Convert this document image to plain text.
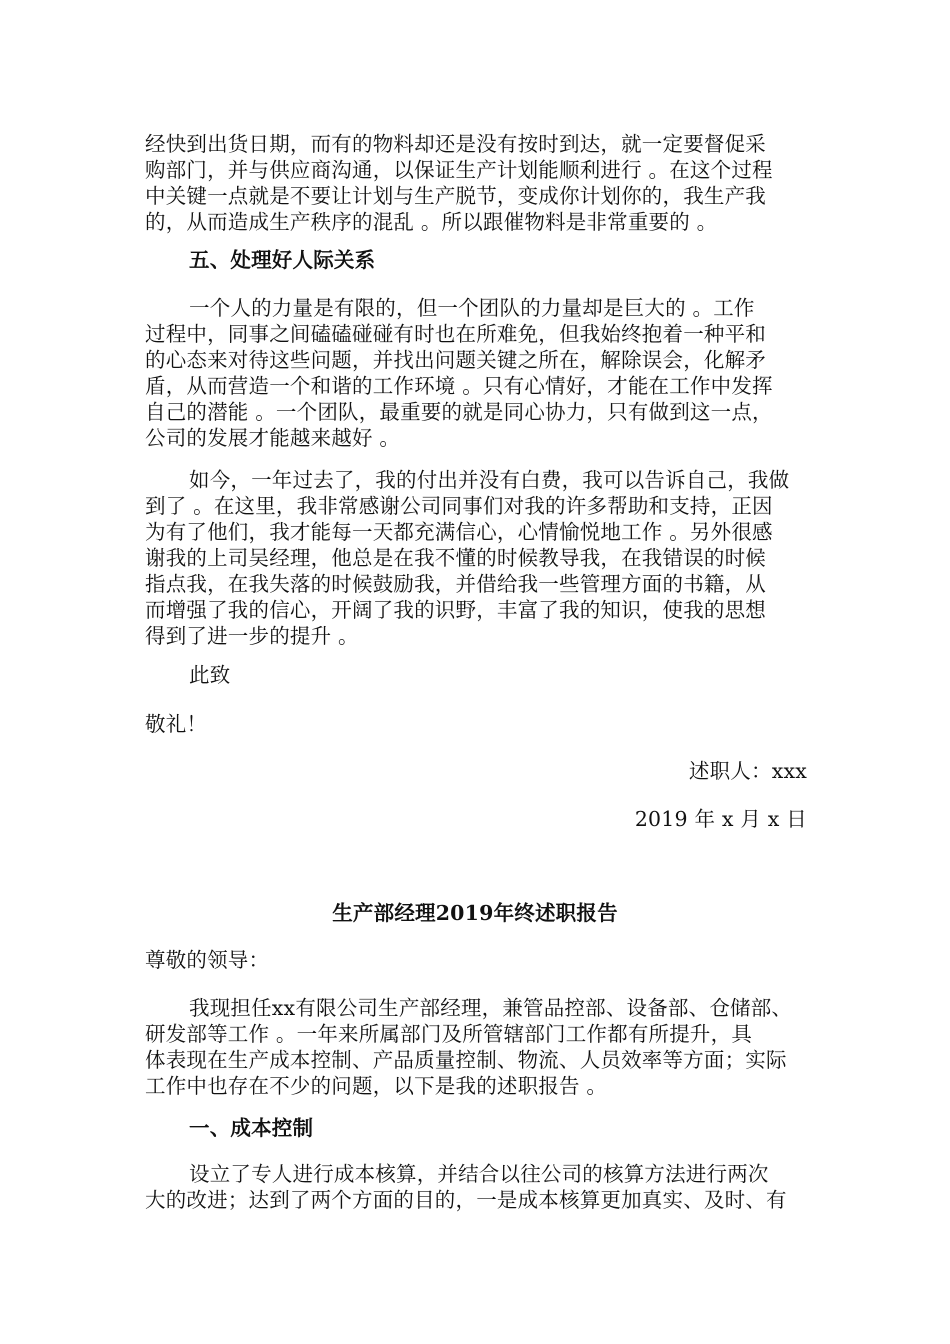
经快到出货日期，而有的物料却还是没有按时到达，就一定要督促采
购部门，并与供应商沟通，以保证生产计划能顺利进行 。在这个过程
中关键一点就是不要让计划与生产脱节，变成你计划你的，我生产我
的，从而造成生产秩序的混乱 。所以跟催物料是非常重要的 。
五、处理好人际关系
一个人的力量是有限的，但一个团队的力量却是巨大的 。工作
过程中，同事之间磕磕碰碰有时也在所难免，但我始终抱着一种平和
的心态来对待这些问题，并找出问题关键之所在，解除误会，化解矛
盾，从而营造一个和谐的工作环境 。只有心情好，才能在工作中发挥
自己的潜能 。一个团队，最重要的就是同心协力，只有做到这一点，
公司的发展才能越来越好 。
如今，一年过去了，我的付出并没有白费，我可以告诉自己，我做
到了 。在这里，我非常感谢公司同事们对我的许多帮助和支持，正因
为有了他们，我才能每一天都充满信心，心情愉悦地工作 。另外很感
谢我的上司吴经理，他总是在我不懂的时候教导我，在我错误的时候
指点我，在我失落的时候鼓励我，并借给我一些管理方面的书籍，从
而增强了我的信心，开阔了我的识野，丰富了我的知识，使我的思想
得到了进一步的提升 。
此致
敬礼！
述职人：xxx
2019 年 x 月 x 日
生产部经理2019年终述职报告
尊敬的领导：
我现担任xx有限公司生产部经理，兼管品控部、设备部、仓储部、
研发部等工作 。一年来所属部门及所管辖部门工作都有所提升，具
体表现在生产成本控制、产品质量控制、物流、人员效率等方面；实际
工作中也存在不少的问题，以下是我的述职报告 。
一、成本控制
设立了专人进行成本核算，并结合以往公司的核算方法进行两次
大的改进；达到了两个方面的目的，一是成本核算更加真实、及时、有
